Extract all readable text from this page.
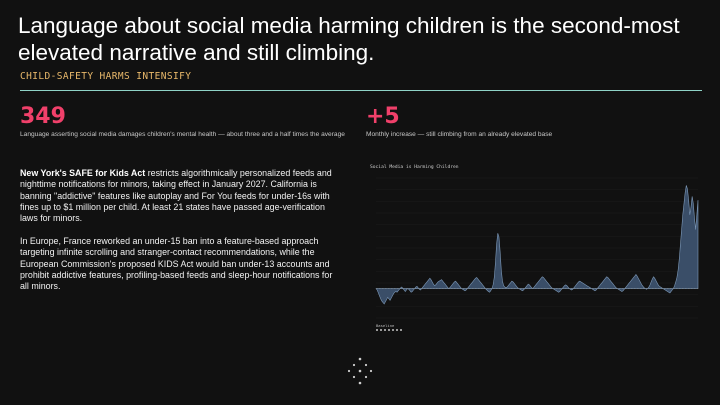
Language about social media harming children is the second-most elevated narrative and still climbing.
CHILD-SAFETY HARMS INTENSIFY
349
Language asserting social media damages children's mental health — about three and a half times the average
+5
Monthly increase — still climbing from an already elevated base
New York's SAFE for Kids Act restricts algorithmically personalized feeds and nighttime notifications for minors, taking effect in January 2027. California is banning "addictive" features like autoplay and For You feeds for under-16s with fines up to $1 million per child. At least 21 states have passed age-verification laws for minors.
In Europe, France reworked an under-15 ban into a feature-based approach targeting infinite scrolling and stranger-contact recommendations, while the European Commission's proposed KIDS Act would ban under-13 accounts and prohibit addictive features, profiling-based feeds and sleep-hour notifications for all minors.
Social Media is Harming Children
Baseline
